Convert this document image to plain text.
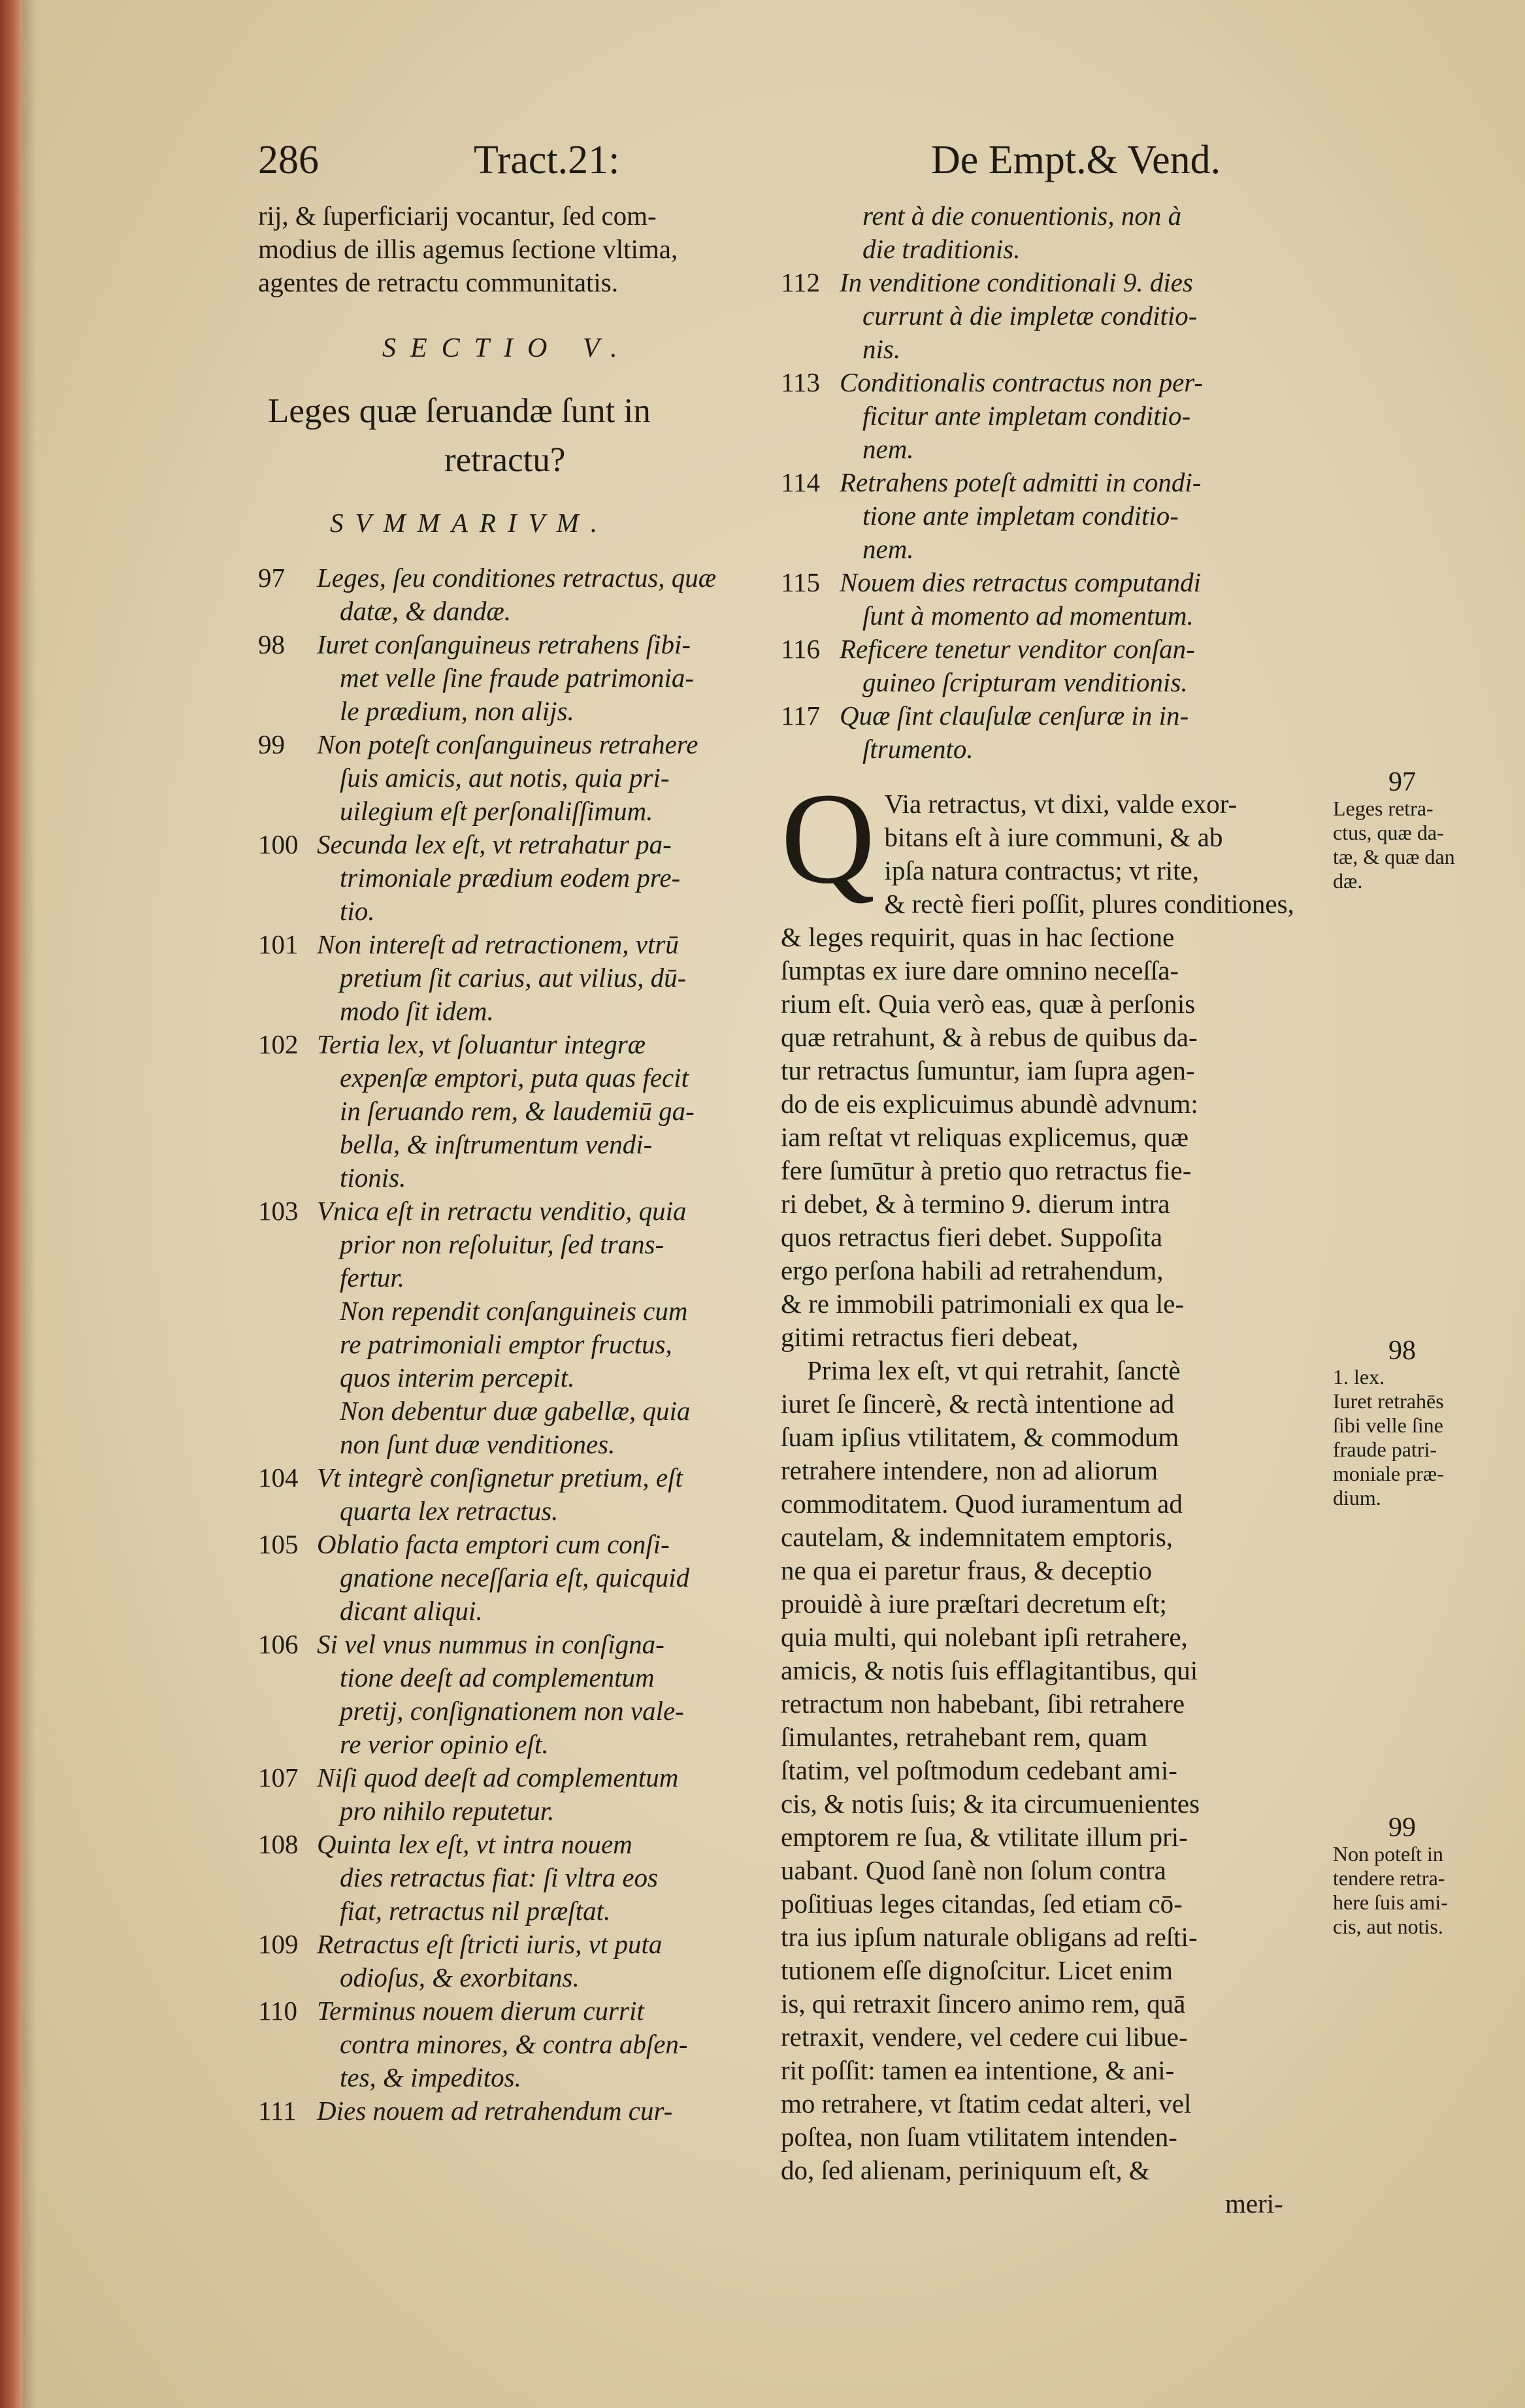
286	Tract.21:	De Empt.& Vend.
rij, & ſuperficiarij vocantur, ſed com-
modius de illis agemus ſectione vltima,
agentes de retractu communitatis.
SECTIO V.
Leges quæ ſeruandæ ſunt in
retractu?
SVMMARIVM.
97 Leges, ſeu conditiones retractus, quæ
datæ, & dandæ.
98 Iuret conſanguineus retrahens ſibi-
met velle ſine fraude patrimonia-
le prædium, non alijs.
99 Non poteſt conſanguineus retrahere
ſuis amicis, aut notis, quia pri-
uilegium eſt perſonaliſſimum.
100 Secunda lex eſt, vt retrahatur pa-
trimoniale prædium eodem pre-
tio.
101 Non intereſt ad retractionem, vtrū
pretium ſit carius, aut vilius, dū-
modo ſit idem.
102 Tertia lex, vt ſoluantur integræ
expenſæ emptori, puta quas fecit
in ſeruando rem, & laudemiū ga-
bella, & inſtrumentum vendi-
tionis.
103 Vnica eſt in retractu venditio, quia
prior non reſoluitur, ſed trans-
fertur.
Non rependit conſanguineis cum
re patrimoniali emptor fructus,
quos interim percepit.
Non debentur duæ gabellæ, quia
non ſunt duæ venditiones.
104 Vt integrè conſignetur pretium, eſt
quarta lex retractus.
105 Oblatio facta emptori cum conſi-
gnatione neceſſaria eſt, quicquid
dicant aliqui.
106 Si vel vnus nummus in conſigna-
tione deeſt ad complementum
pretij, conſignationem non vale-
re verior opinio eſt.
107 Niſi quod deeſt ad complementum
pro nihilo reputetur.
108 Quinta lex eſt, vt intra nouem
dies retractus fiat: ſi vltra eos
fiat, retractus nil præſtat.
109 Retractus eſt ſtricti iuris, vt puta
odioſus, & exorbitans.
110 Terminus nouem dierum currit
contra minores, & contra abſen-
tes, & impeditos.
111 Dies nouem ad retrahendum cur-
rent à die conuentionis, non à
die traditionis.
112 In venditione conditionali 9. dies
currunt à die impletæ conditio-
nis.
113 Conditionalis contractus non per-
ficitur ante impletam conditio-
nem.
114 Retrahens poteſt admitti in condi-
tione ante impletam conditio-
nem.
115 Nouem dies retractus computandi
ſunt à momento ad momentum.
116 Reficere tenetur venditor conſan-
guineo ſcripturam venditionis.
117 Quæ ſint clauſulæ cenſuræ in in-
ſtrumento.
Q Via retractus, vt dixi, valde exor-
bitans eſt à iure communi, & ab
ipſa natura contractus; vt rite,
& rectè fieri poſſit, plures conditiones,
& leges requirit, quas in hac ſectione
ſumptas ex iure dare omnino neceſſa-
rium eſt. Quia verò eas, quæ à perſonis
quæ retrahunt, & à rebus de quibus da-
tur retractus ſumuntur, iam ſupra agen-
do de eis explicuimus abundè advnum:
iam reſtat vt reliquas explicemus, quæ
fere ſumūtur à pretio quo retractus fie-
ri debet, & à termino 9. dierum intra
quos retractus fieri debet. Suppoſita
ergo perſona habili ad retrahendum,
& re immobili patrimoniali ex qua le-
gitimi retractus fieri debeat,
Prima lex eſt, vt qui retrahit, ſanctè
iuret ſe ſincerè, & rectà intentione ad
ſuam ipſius vtilitatem, & commodum
retrahere intendere, non ad aliorum
commoditatem. Quod iuramentum ad
cautelam, & indemnitatem emptoris,
ne qua ei paretur fraus, & deceptio
prouidè à iure præſtari decretum eſt;
quia multi, qui nolebant ipſi retrahere,
amicis, & notis ſuis efflagitantibus, qui
retractum non habebant, ſibi retrahere
ſimulantes, retrahebant rem, quam
ſtatim, vel poſtmodum cedebant ami-
cis, & notis ſuis; & ita circumuenientes
emptorem re ſua, & vtilitate illum pri-
uabant. Quod ſanè non ſolum contra
poſitiuas leges citandas, ſed etiam cō-
tra ius ipſum naturale obligans ad reſti-
tutionem eſſe dignoſcitur. Licet enim
is, qui retraxit ſincero animo rem, quā
retraxit, vendere, vel cedere cui libue-
rit poſſit: tamen ea intentione, & ani-
mo retrahere, vt ſtatim cedat alteri, vel
poſtea, non ſuam vtilitatem intenden-
do, ſed alienam, periniquum eſt, &
meri-
97
Leges retra-
ctus, quæ da-
tæ, & quæ dan
dæ.
98
1. lex.
Iuret retrahēs
ſibi velle ſine
fraude patri-
moniale præ-
dium.
99
Non poteſt in
tendere retra-
here ſuis ami-
cis, aut notis.
